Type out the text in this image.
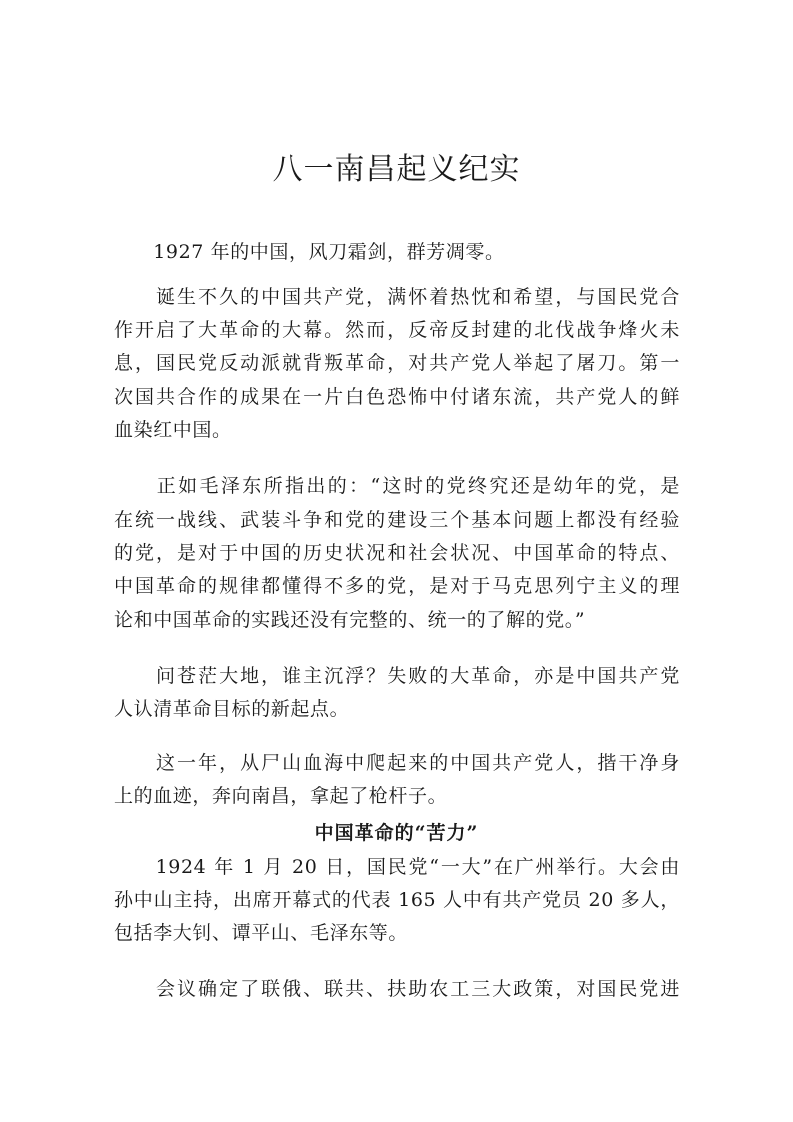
八一南昌起义纪实
　　1927 年的中国，风刀霜剑，群芳凋零。
　　诞生不久的中国共产党，满怀着热忱和希望，与国民党合
作开启了大革命的大幕。然而，反帝反封建的北伐战争烽火未
息，国民党反动派就背叛革命，对共产党人举起了屠刀。第一
次国共合作的成果在一片白色恐怖中付诸东流，共产党人的鲜
血染红中国。
　　正如毛泽东所指出的：“这时的党终究还是幼年的党，是
在统一战线、武装斗争和党的建设三个基本问题上都没有经验
的党，是对于中国的历史状况和社会状况、中国革命的特点、
中国革命的规律都懂得不多的党，是对于马克思列宁主义的理
论和中国革命的实践还没有完整的、统一的了解的党。”
　　问苍茫大地，谁主沉浮？失败的大革命，亦是中国共产党
人认清革命目标的新起点。
　　这一年，从尸山血海中爬起来的中国共产党人，揩干净身
上的血迹，奔向南昌，拿起了枪杆子。
中国革命的“苦力”
　　1924 年 1 月 20 日，国民党“一大”在广州举行。大会由
孙中山主持，出席开幕式的代表 165 人中有共产党员 20 多人，
包括李大钊、谭平山、毛泽东等。
　　会议确定了联俄、联共、扶助农工三大政策，对国民党进
